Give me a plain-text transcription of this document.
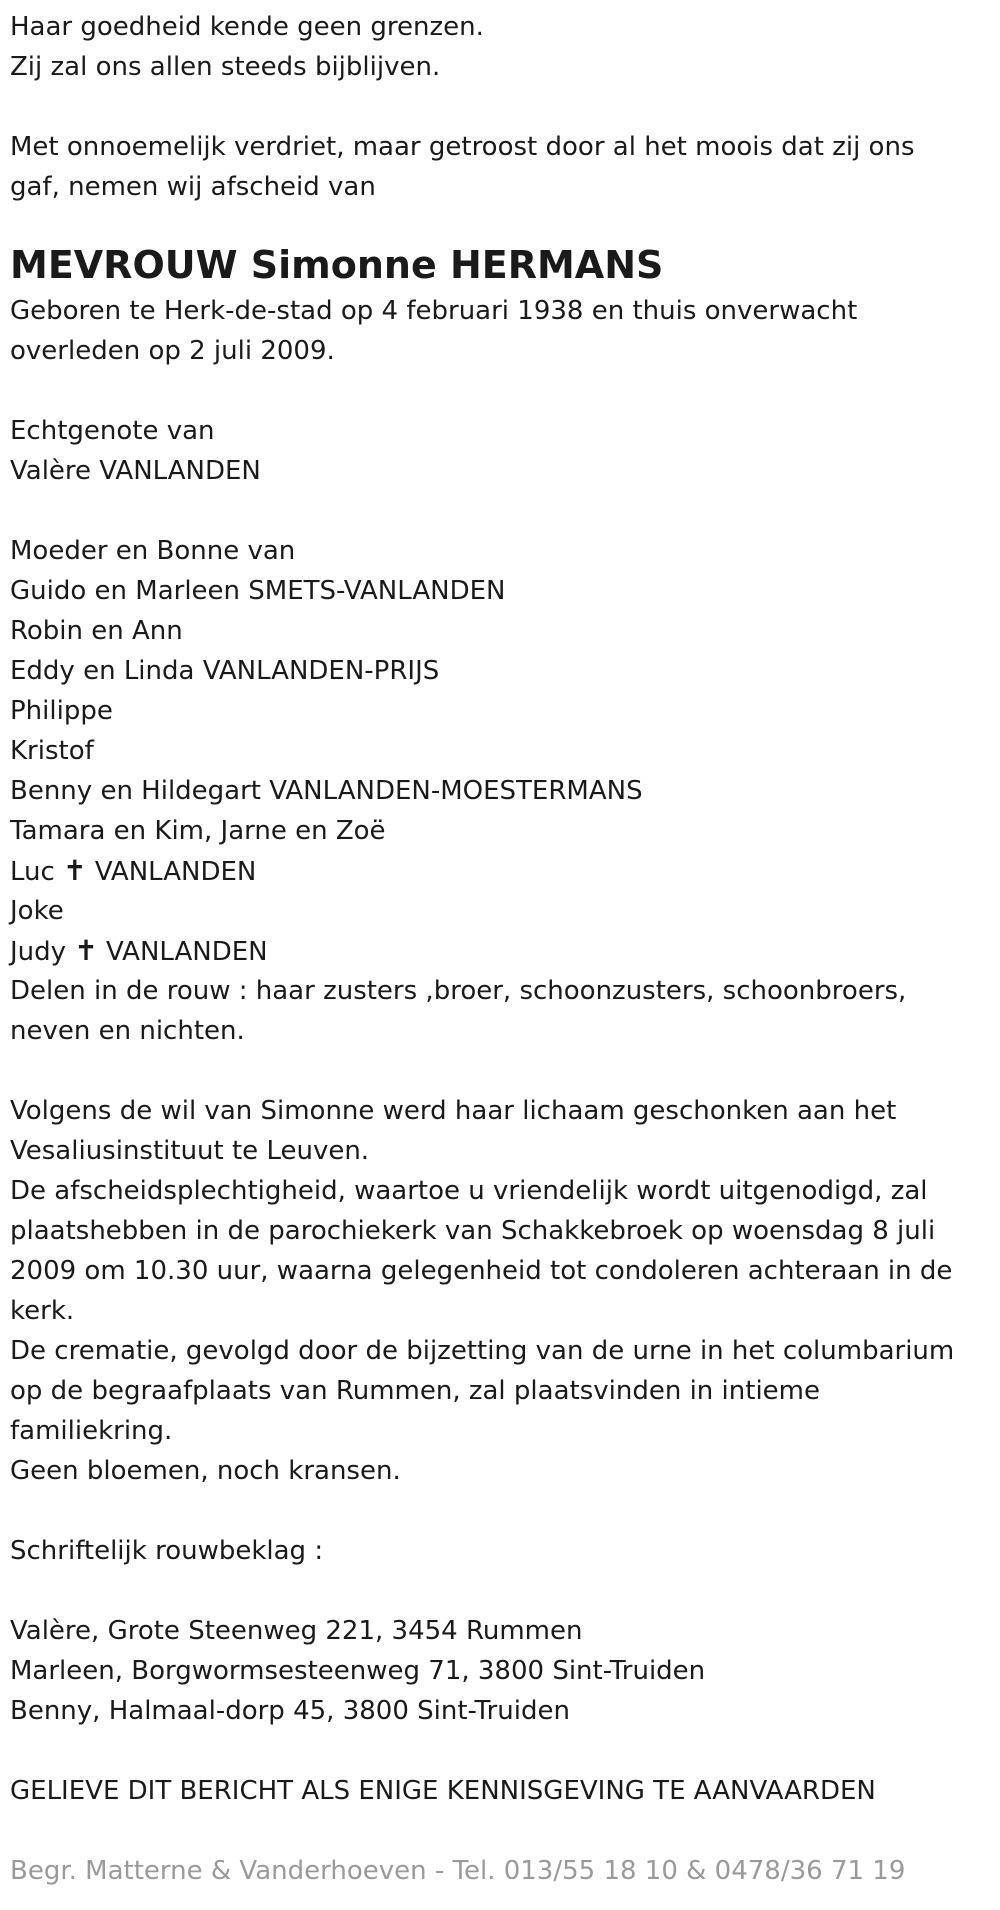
Haar goedheid kende geen grenzen.
Zij zal ons allen steeds bijblijven.
Met onnoemelijk verdriet, maar getroost door al het moois dat zij ons
gaf, nemen wij afscheid van
MEVROUW Simonne HERMANS
Geboren te Herk-de-stad op 4 februari 1938 en thuis onverwacht
overleden op 2 juli 2009.
Echtgenote van
Valère VANLANDEN
Moeder en Bonne van
Guido en Marleen SMETS-VANLANDEN
Robin en Ann
Eddy en Linda VANLANDEN-PRIJS
Philippe
Kristof
Benny en Hildegart VANLANDEN-MOESTERMANS
Tamara en Kim, Jarne en Zoë
Luc ✝ VANLANDEN
Joke
Judy ✝ VANLANDEN
Delen in de rouw : haar zusters ,broer, schoonzusters, schoonbroers,
neven en nichten.
Volgens de wil van Simonne werd haar lichaam geschonken aan het
Vesaliusinstituut te Leuven.
De afscheidsplechtigheid, waartoe u vriendelijk wordt uitgenodigd, zal
plaatshebben in de parochiekerk van Schakkebroek op woensdag 8 juli
2009 om 10.30 uur, waarna gelegenheid tot condoleren achteraan in de
kerk.
De crematie, gevolgd door de bijzetting van de urne in het columbarium
op de begraafplaats van Rummen, zal plaatsvinden in intieme
familiekring.
Geen bloemen, noch kransen.
Schriftelijk rouwbeklag :
Valère, Grote Steenweg 221, 3454 Rummen
Marleen, Borgwormsesteenweg 71, 3800 Sint-Truiden
Benny, Halmaal-dorp 45, 3800 Sint-Truiden
GELIEVE DIT BERICHT ALS ENIGE KENNISGEVING TE AANVAARDEN
Begr. Matterne & Vanderhoeven - Tel. 013/55 18 10 & 0478/36 71 19
